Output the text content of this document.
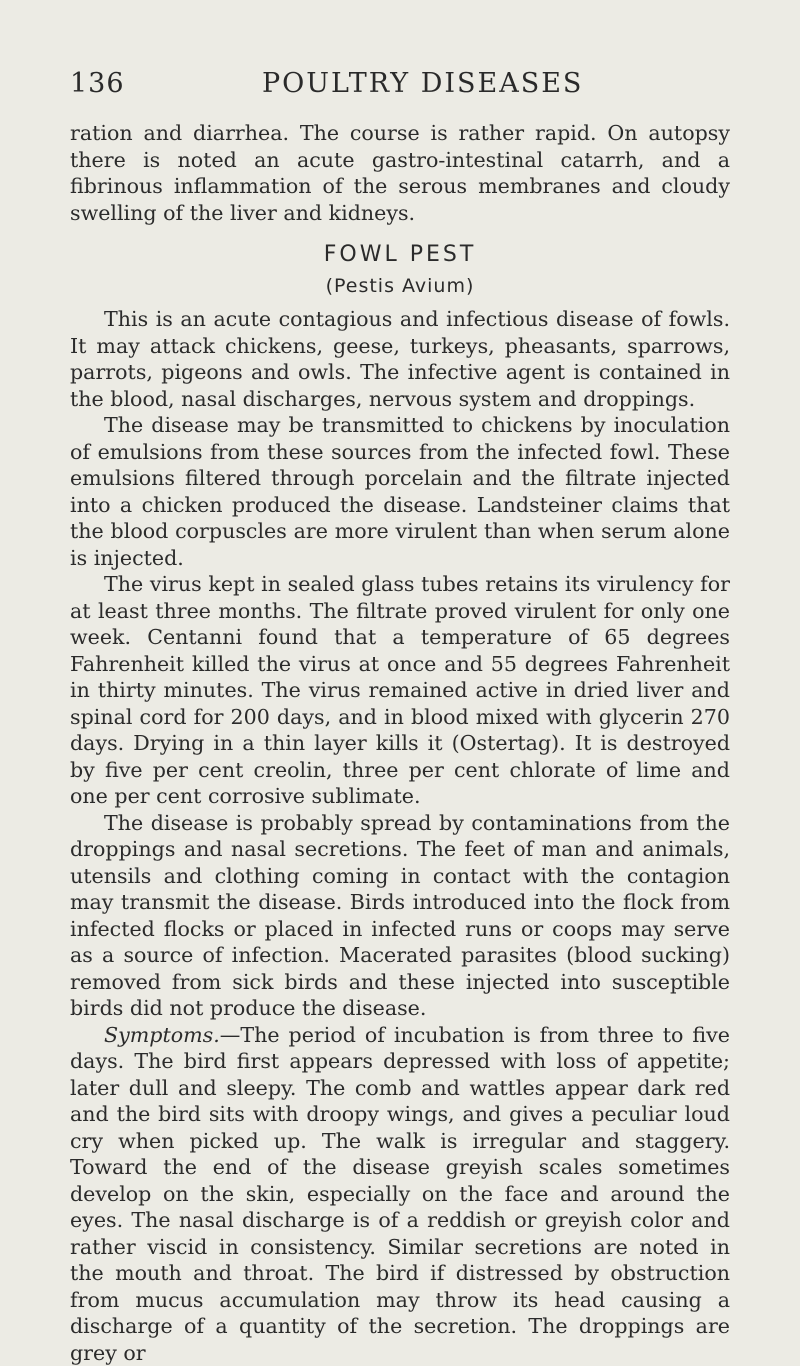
136	POULTRY DISEASES

ration and diarrhea. The course is rather rapid. On autopsy there is noted an acute gastro-intestinal catarrh, and a fibrinous inflammation of the serous membranes and cloudy swelling of the liver and kidneys.

FOWL PEST
(Pestis Avium)

This is an acute contagious and infectious disease of fowls. It may attack chickens, geese, turkeys, pheasants, sparrows, parrots, pigeons and owls. The infective agent is contained in the blood, nasal discharges, nervous system and droppings.

The disease may be transmitted to chickens by inoculation of emulsions from these sources from the infected fowl. These emulsions filtered through porcelain and the filtrate injected into a chicken produced the disease. Landsteiner claims that the blood corpuscles are more virulent than when serum alone is injected.

The virus kept in sealed glass tubes retains its virulency for at least three months. The filtrate proved virulent for only one week. Centanni found that a temperature of 65 degrees Fahrenheit killed the virus at once and 55 degrees Fahrenheit in thirty minutes. The virus remained active in dried liver and spinal cord for 200 days, and in blood mixed with glycerin 270 days. Drying in a thin layer kills it (Ostertag). It is destroyed by five per cent creolin, three per cent chlorate of lime and one per cent corrosive sublimate.

The disease is probably spread by contaminations from the droppings and nasal secretions. The feet of man and animals, utensils and clothing coming in contact with the contagion may transmit the disease. Birds introduced into the flock from infected flocks or placed in infected runs or coops may serve as a source of infection. Macerated parasites (blood sucking) removed from sick birds and these injected into susceptible birds did not produce the disease.

Symptoms.—The period of incubation is from three to five days. The bird first appears depressed with loss of appetite; later dull and sleepy. The comb and wattles appear dark red and the bird sits with droopy wings, and gives a peculiar loud cry when picked up. The walk is irregular and staggery. Toward the end of the disease greyish scales sometimes develop on the skin, especially on the face and around the eyes. The nasal discharge is of a reddish or greyish color and rather viscid in consistency. Similar secretions are noted in the mouth and throat. The bird if distressed by obstruction from mucus accumulation may throw its head causing a discharge of a quantity of the secretion. The droppings are grey or
